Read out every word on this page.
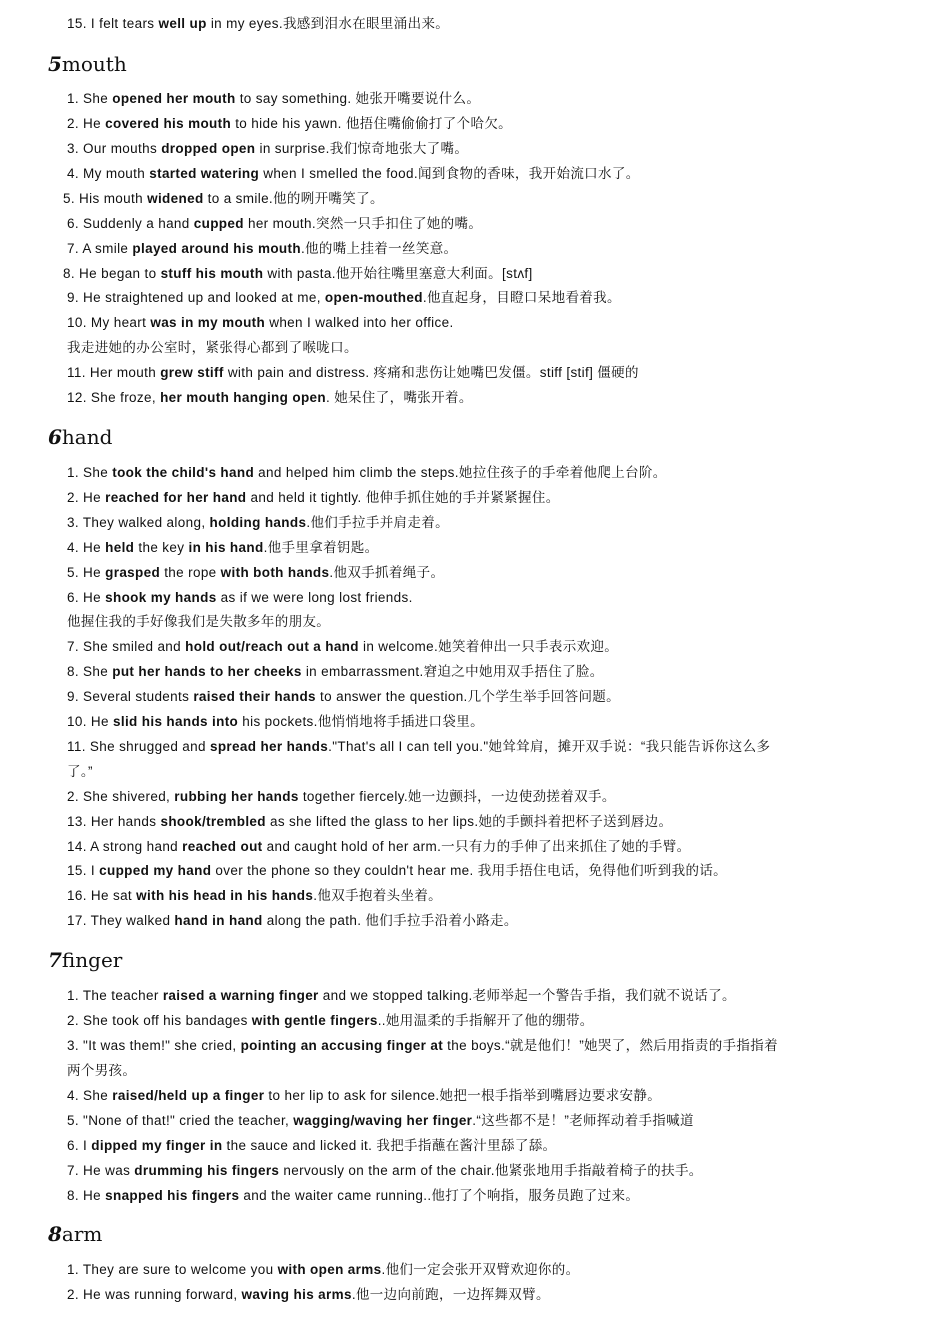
15. I felt tears well up in my eyes.我感到泪水在眼里涌出来。
5mouth
1. She opened her mouth to say something. 她张开嘴要说什么。
2. He covered his mouth to hide his yawn. 他捂住嘴偷偷打了个哈欠。
3. Our mouths dropped open in surprise.我们惊奇地张大了嘴。
4. My mouth started watering when I smelled the food.闻到食物的香味，我开始流口水了。
5. His mouth widened to a smile.他的咧开嘴笑了。
6. Suddenly a hand cupped her mouth.突然一只手扣住了她的嘴。
7. A smile played around his mouth.他的嘴上挂着一丝笑意。
8. He began to stuff his mouth with pasta.他开始往嘴里塞意大利面。[stʌf]
9. He straightened up and looked at me, open-mouthed.他直起身，目瞪口呆地看着我。
10. My heart was in my mouth when I walked into her office.
我走进她的办公室时，紧张得心都到了喉咙口。
11. Her mouth grew stiff with pain and distress. 疼痛和悲伤让她嘴巴发僵。stiff [stif] 僵硬的
12. She froze, her mouth hanging open. 她呆住了，嘴张开着。
6hand
1. She took the child's hand and helped him climb the steps.她拉住孩子的手牵着他爬上台阶。
2. He reached for her hand and held it tightly. 他伸手抓住她的手并紧紧握住。
3. They walked along, holding hands.他们手拉手并肩走着。
4. He held the key in his hand.他手里拿着钥匙。
5. He grasped the rope with both hands.他双手抓着绳子。
6. He shook my hands as if we were long lost friends.
他握住我的手好像我们是失散多年的朋友。
7. She smiled and hold out/reach out a hand in welcome.她笑着伸出一只手表示欢迎。
8. She put her hands to her cheeks in embarrassment.窘迫之中她用双手捂住了脸。
9. Several students raised their hands to answer the question.几个学生举手回答问题。
10. He slid his hands into his pockets.他悄悄地将手插进口袋里。
11. She shrugged and spread her hands."That's all I can tell you."她耸耸肩，摊开双手说：“我只能告诉你这么多
了。”
2. She shivered, rubbing her hands together fiercely.她一边颤抖，一边使劲搓着双手。
13. Her hands shook/trembled as she lifted the glass to her lips.她的手颤抖着把杯子送到唇边。
14. A strong hand reached out and caught hold of her arm.一只有力的手伸了出来抓住了她的手臂。
15. I cupped my hand over the phone so they couldn't hear me. 我用手捂住电话，免得他们听到我的话。
16. He sat with his head in his hands.他双手抱着头坐着。
17. They walked hand in hand along the path. 他们手拉手沿着小路走。
7finger
1. The teacher raised a warning finger and we stopped talking.老师举起一个警告手指，我们就不说话了。
2. She took off his bandages with gentle fingers..她用温柔的手指解开了他的绷带。
3. "It was them!" she cried, pointing an accusing finger at the boys.“就是他们！”她哭了，然后用指责的手指指着
两个男孩。
4. She raised/held up a finger to her lip to ask for silence.她把一根手指举到嘴唇边要求安静。
5. "None of that!" cried the teacher, wagging/waving her finger.“这些都不是！”老师挥动着手指喊道
6. I dipped my finger in the sauce and licked it. 我把手指蘸在酱汁里舔了舔。
7. He was drumming his fingers nervously on the arm of the chair.他紧张地用手指敲着椅子的扶手。
8. He snapped his fingers and the waiter came running..他打了个响指，服务员跑了过来。
8arm
1. They are sure to welcome you with open arms.他们一定会张开双臂欢迎你的。
2. He was running forward, waving his arms.他一边向前跑，一边挥舞双臂。
